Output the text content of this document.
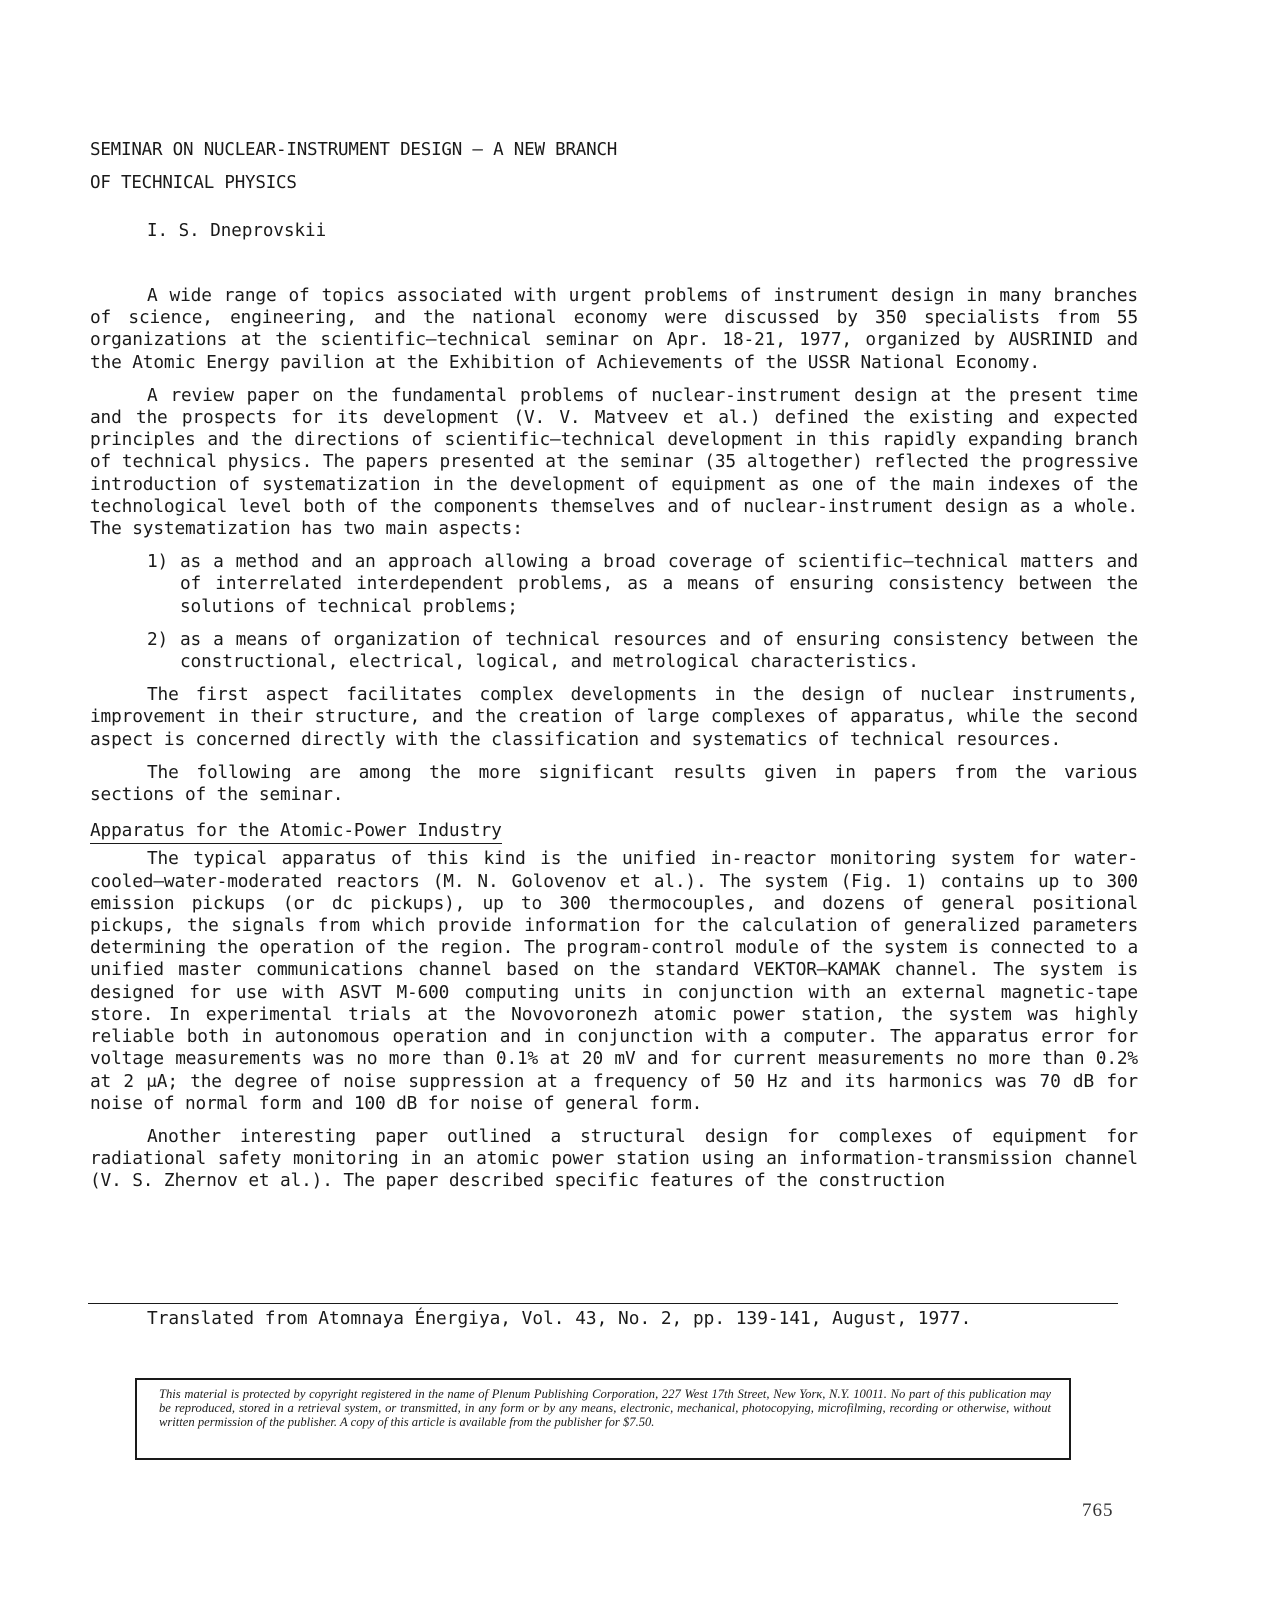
SEMINAR ON NUCLEAR-INSTRUMENT DESIGN — A NEW BRANCH
OF TECHNICAL PHYSICS
I. S. Dneprovskii

A wide range of topics associated with urgent problems of instrument design in many branches of science, engineering, and the national economy were discussed by 350 specialists from 55 organizations at the scientific—technical seminar on Apr. 18-21, 1977, organized by AUSRINID and the Atomic Energy pavilion at the Exhibition of Achievements of the USSR National Economy.

A review paper on the fundamental problems of nuclear-instrument design at the present time and the prospects for its development (V. V. Matveev et al.) defined the existing and expected principles and the directions of scientific—technical development in this rapidly expanding branch of technical physics. The papers presented at the seminar (35 altogether) reflected the progressive introduction of systematization in the development of equipment as one of the main indexes of the technological level both of the components themselves and of nuclear-instrument design as a whole. The systematization has two main aspects:

1) as a method and an approach allowing a broad coverage of scientific—technical matters and of interrelated interdependent problems, as a means of ensuring consistency between the solutions of technical problems;
2) as a means of organization of technical resources and of ensuring consistency between the constructional, electrical, logical, and metrological characteristics.

The first aspect facilitates complex developments in the design of nuclear instruments, improvement in their structure, and the creation of large complexes of apparatus, while the second aspect is concerned directly with the classification and systematics of technical resources.

The following are among the more significant results given in papers from the various sections of the seminar.

Apparatus for the Atomic-Power Industry

The typical apparatus of this kind is the unified in-reactor monitoring system for water-cooled—water-moderated reactors (M. N. Golovenov et al.). The system (Fig. 1) contains up to 300 emission pickups (or dc pickups), up to 300 thermocouples, and dozens of general positional pickups, the signals from which provide information for the calculation of generalized parameters determining the operation of the region. The program-control module of the system is connected to a unified master communications channel based on the standard VEKTOR—KAMAK channel. The system is designed for use with ASVT M-600 computing units in conjunction with an external magnetic-tape store. In experimental trials at the Novovoronezh atomic power station, the system was highly reliable both in autonomous operation and in conjunction with a computer. The apparatus error for voltage measurements was no more than 0.1% at 20 mV and for current measurements no more than 0.2% at 2 μA; the degree of noise suppression at a frequency of 50 Hz and its harmonics was 70 dB for noise of normal form and 100 dB for noise of general form.

Another interesting paper outlined a structural design for complexes of equipment for radiational safety monitoring in an atomic power station using an information-transmission channel (V. S. Zhernov et al.). The paper described specific features of the construction

Translated from Atomnaya Énergiya, Vol. 43, No. 2, pp. 139-141, August, 1977.
This material is protected by copyright registered in the name of Plenum Publishing Corporation, 227 West 17th Street, New Yorк, N.Y. 10011. No part of this publication may be reproduced, stored in a retrieval system, or transmitted, in any form or by any means, electronic, mechanical, photocopying, microfilming, recording or otherwise, without written permission of the publisher. A copy of this article is available from the publisher for $7.50.
765
